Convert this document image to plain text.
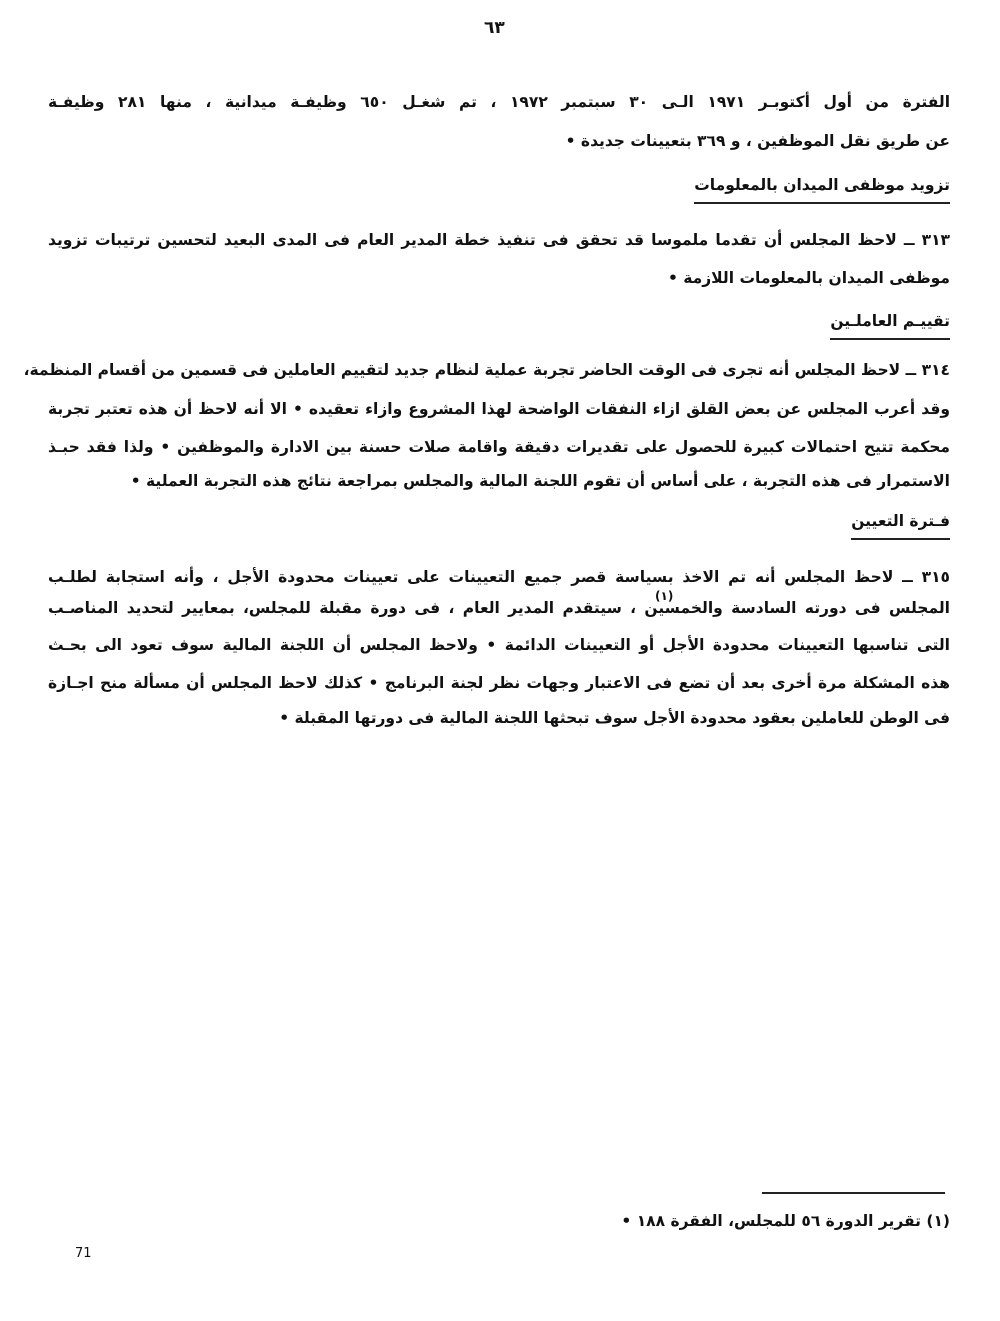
٦٣
الفترة من أول أكتوبـر ١٩٧١ الـى ٣٠ سبتمبر ١٩٧٢ ، تم شغـل ٦٥٠ وظيفـة ميدانية ، منها ٢٨١ وظيفـة
عن طريق نقل الموظفين ، و ٣٦٩ بتعيينات جديدة •
تزويد موظفى الميدان بالمعلومات
٣١٣ ــ لاحظ المجلس أن تقدما ملموسا قد تحقق فى تنفيذ خطة المدير العام فى المدى البعيد لتحسين ترتيبات تزويد
موظفى الميدان بالمعلومات اللازمة •
تقييـم العاملـين
٣١٤ ــ لاحظ المجلس أنه تجرى فى الوقت الحاضر تجربة عملية لنظام جديد لتقييم العاملين فى قسمين من أقسام المنظمة،
وقد أعرب المجلس عن بعض القلق ازاء النفقات الواضحة لهذا المشروع وازاء تعقيده • الا أنه لاحظ أن هذه تعتبر تجربة
محكمة تتيح احتمالات كبيرة للحصول على تقديرات دقيقة واقامة صلات حسنة بين الادارة والموظفين • ولذا فقد حبـذ
الاستمرار فى هذه التجربة ، على أساس أن تقوم اللجنة المالية والمجلس بمراجعة نتائج هذه التجربة العملية •
فـترة التعيين
٣١٥ ــ لاحظ المجلس أنه تم الاخذ بسياسة قصر جميع التعيينات على تعيينات محدودة الأجل ، وأنه استجابة لطلـب
(١)
المجلس فى دورته السادسة والخمسين ، سيتقدم المدير العام ، فى دورة مقبلة للمجلس، بمعايير لتحديد المناصـب
التى تناسبها التعيينات محدودة الأجل أو التعيينات الدائمة • ولاحظ المجلس أن اللجنة المالية سوف تعود الى بحـث
هذه المشكلة مرة أخرى بعد أن تضع فى الاعتبار وجهات نظر لجنة البرنامج • كذلك لاحظ المجلس أن مسألة منح اجـازة
فى الوطن للعاملين بعقود محدودة الأجل سوف تبحثها اللجنة المالية فى دورتها المقبلة •
(١) تقرير الدورة ٥٦ للمجلس، الفقرة ١٨٨ •
71
